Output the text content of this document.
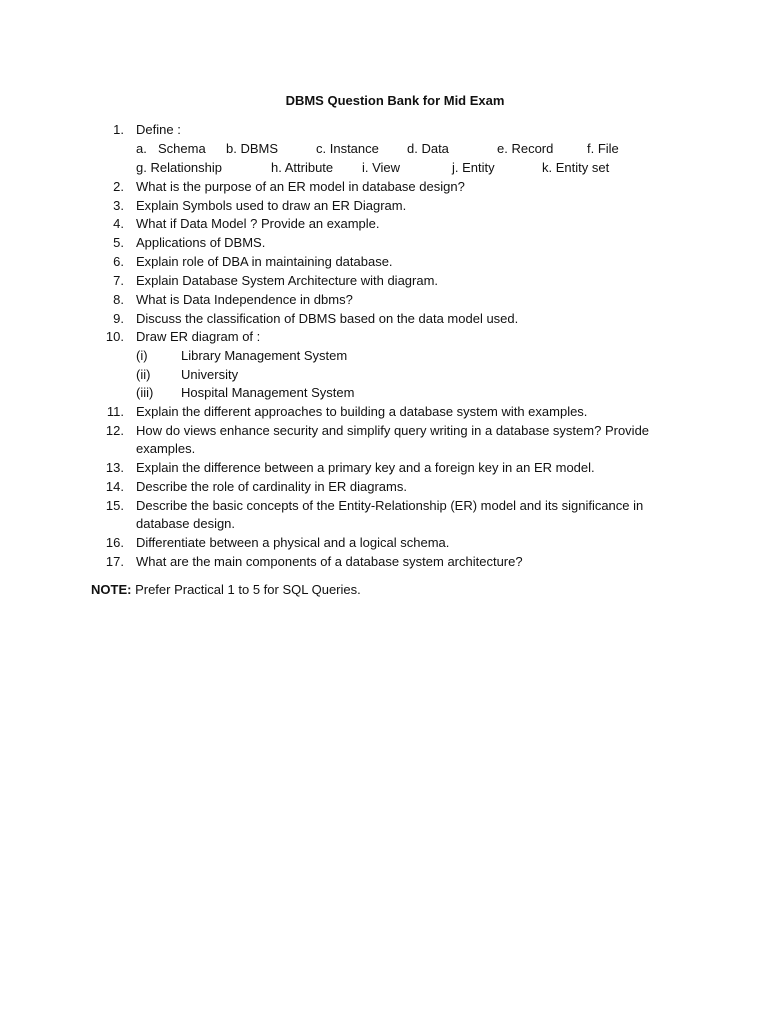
DBMS Question Bank for Mid Exam
1. Define :
a. Schema b. DBMS	c. Instance d. Data	e. Record	f. File
g. Relationship	h. Attribute i. View	j. Entity	k. Entity set
2. What is the purpose of an ER model in database design?
3. Explain Symbols used to draw an ER Diagram.
4. What if Data Model ? Provide an example.
5. Applications of DBMS.
6. Explain role of DBA in maintaining database.
7. Explain Database System Architecture with diagram.
8. What is Data Independence in dbms?
9. Discuss the classification of DBMS based on the data model used.
10. Draw ER diagram of :
(i)	Library Management System
(ii) University
(iii) Hospital Management System
11. Explain the different approaches to building a database system with examples.
12. How do views enhance security and simplify query writing in a database system? Provide
examples.
13. Explain the difference between a primary key and a foreign key in an ER model.
14. Describe the role of cardinality in ER diagrams.
15. Describe the basic concepts of the Entity-Relationship (ER) model and its significance in
database design.
16. Differentiate between a physical and a logical schema.
17. What are the main components of a database system architecture?
NOTE: Prefer Practical 1 to 5 for SQL Queries.
